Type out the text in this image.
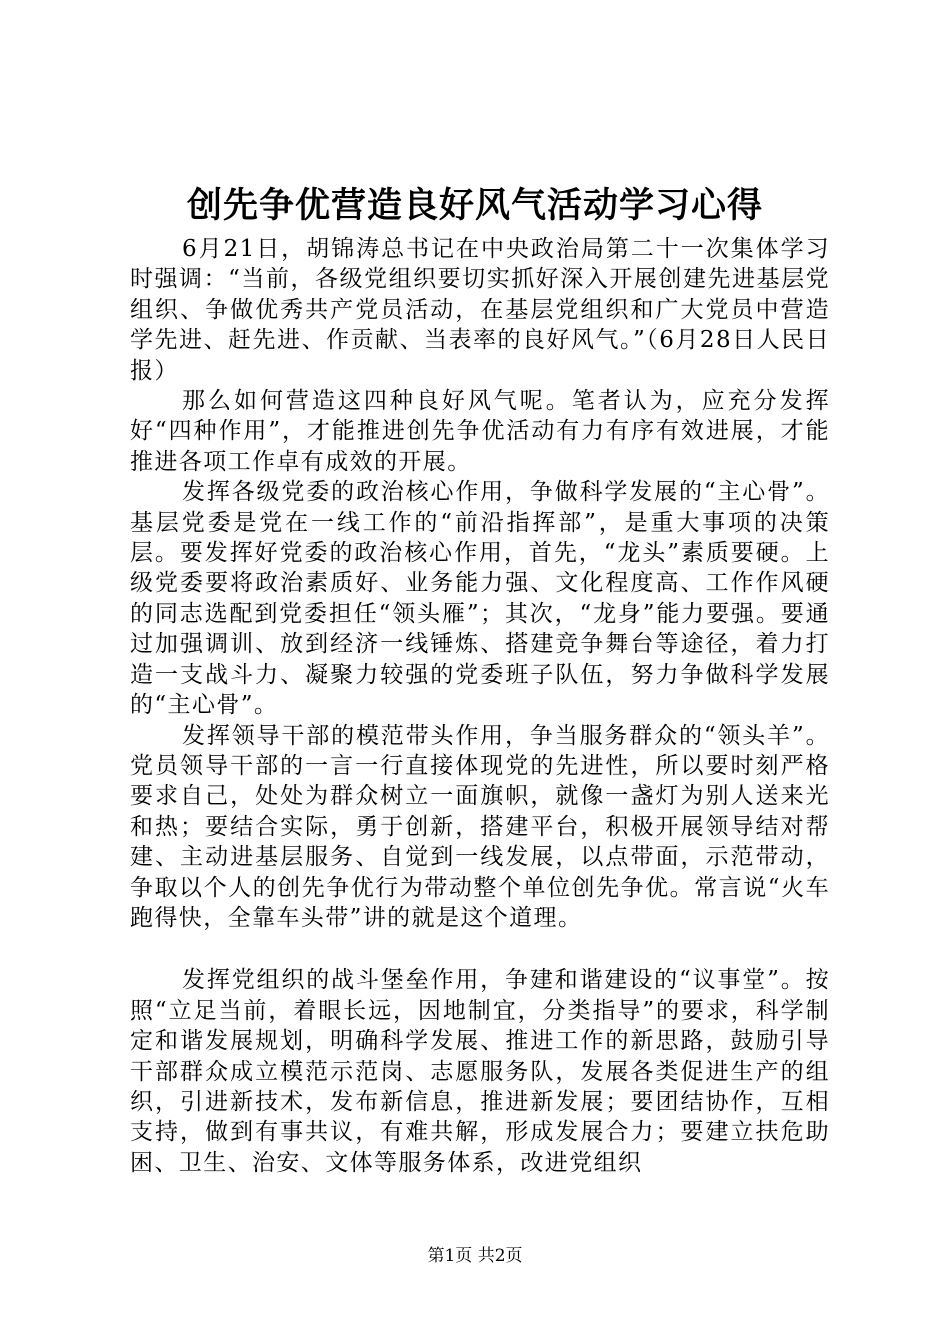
创先争优营造良好风气活动学习心得

6月21日，胡锦涛总书记在中央政治局第二十一次集体学习时强调：“当前，各级党组织要切实抓好深入开展创建先进基层党组织、争做优秀共产党员活动，在基层党组织和广大党员中营造学先进、赶先进、作贡献、当表率的良好风气。”（6月28日人民日报）

那么如何营造这四种良好风气呢。笔者认为，应充分发挥好“四种作用”，才能推进创先争优活动有力有序有效进展，才能推进各项工作卓有成效的开展。

发挥各级党委的政治核心作用，争做科学发展的“主心骨”。基层党委是党在一线工作的“前沿指挥部”，是重大事项的决策层。要发挥好党委的政治核心作用，首先，“龙头”素质要硬。上级党委要将政治素质好、业务能力强、文化程度高、工作作风硬的同志选配到党委担任“领头雁”；其次，“龙身”能力要强。要通过加强调训、放到经济一线锤炼、搭建竞争舞台等途径，着力打造一支战斗力、凝聚力较强的党委班子队伍，努力争做科学发展的“主心骨”。

发挥领导干部的模范带头作用，争当服务群众的“领头羊”。党员领导干部的一言一行直接体现党的先进性，所以要时刻严格要求自己，处处为群众树立一面旗帜，就像一盏灯为别人送来光和热；要结合实际，勇于创新，搭建平台，积极开展领导结对帮建、主动进基层服务、自觉到一线发展，以点带面，示范带动，争取以个人的创先争优行为带动整个单位创先争优。常言说“火车跑得快，全靠车头带”讲的就是这个道理。

发挥党组织的战斗堡垒作用，争建和谐建设的“议事堂”。按照“立足当前，着眼长远，因地制宜，分类指导”的要求，科学制定和谐发展规划，明确科学发展、推进工作的新思路，鼓励引导干部群众成立模范示范岗、志愿服务队，发展各类促进生产的组织，引进新技术，发布新信息，推进新发展；要团结协作，互相支持，做到有事共议，有难共解，形成发展合力；要建立扶危助困、卫生、治安、文体等服务体系，改进党组织

第1页 共2页
